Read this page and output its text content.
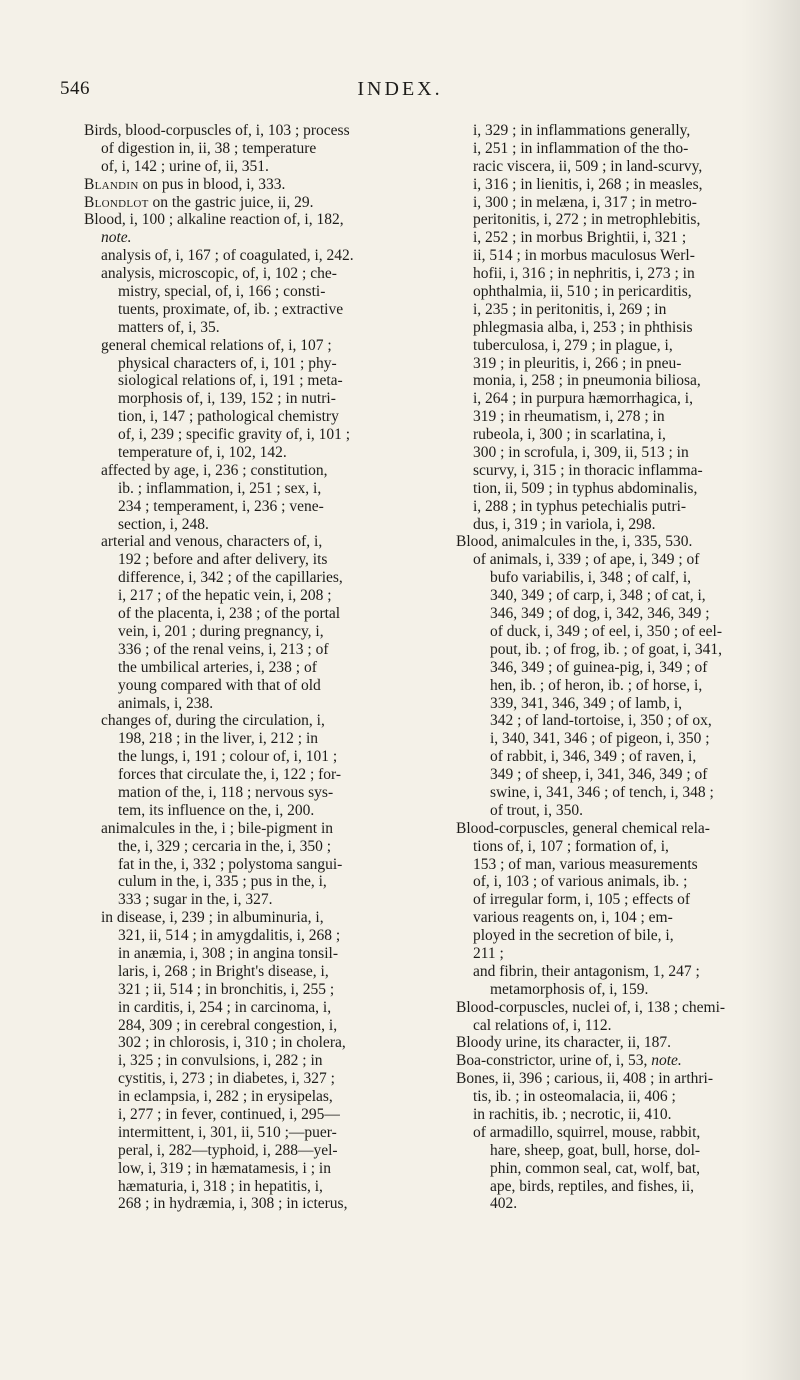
546	INDEX.
Birds, blood-corpuscles of, i, 103 ; process
of digestion in, ii, 38 ; temperature
of, i, 142 ; urine of, ii, 351.
Blandin on pus in blood, i, 333.
Blondlot on the gastric juice, ii, 29.
Blood, i, 100 ; alkaline reaction of, i, 182,
note.
analysis of, i, 167 ; of coagulated, i, 242.
analysis, microscopic, of, i, 102 ; che-
mistry, special, of, i, 166 ; consti-
tuents, proximate, of, ib. ; extractive
matters of, i, 35.
general chemical relations of, i, 107 ;
physical characters of, i, 101 ; phy-
siological relations of, i, 191 ; meta-
morphosis of, i, 139, 152 ; in nutri-
tion, i, 147 ; pathological chemistry
of, i, 239 ; specific gravity of, i, 101 ;
temperature of, i, 102, 142.
affected by age, i, 236 ; constitution,
ib. ; inflammation, i, 251 ; sex, i,
234 ; temperament, i, 236 ; vene-
section, i, 248.
arterial and venous, characters of, i,
192 ; before and after delivery, its
difference, i, 342 ; of the capillaries,
i, 217 ; of the hepatic vein, i, 208 ;
of the placenta, i, 238 ; of the portal
vein, i, 201 ; during pregnancy, i,
336 ; of the renal veins, i, 213 ; of
the umbilical arteries, i, 238 ; of
young compared with that of old
animals, i, 238.
changes of, during the circulation, i,
198, 218 ; in the liver, i, 212 ; in
the lungs, i, 191 ; colour of, i, 101 ;
forces that circulate the, i, 122 ; for-
mation of the, i, 118 ; nervous sys-
tem, its influence on the, i, 200.
animalcules in the, i ; bile-pigment in
the, i, 329 ; cercaria in the, i, 350 ;
fat in the, i, 332 ; polystoma sangui-
culum in the, i, 335 ; pus in the, i,
333 ; sugar in the, i, 327.
in disease, i, 239 ; in albuminuria, i,
321, ii, 514 ; in amygdalitis, i, 268 ;
in anæmia, i, 308 ; in angina tonsil-
laris, i, 268 ; in Bright's disease, i,
321 ; ii, 514 ; in bronchitis, i, 255 ;
in carditis, i, 254 ; in carcinoma, i,
284, 309 ; in cerebral congestion, i,
302 ; in chlorosis, i, 310 ; in cholera,
i, 325 ; in convulsions, i, 282 ; in
cystitis, i, 273 ; in diabetes, i, 327 ;
in eclampsia, i, 282 ; in erysipelas,
i, 277 ; in fever, continued, i, 295—
intermittent, i, 301, ii, 510 ;—puer-
peral, i, 282—typhoid, i, 288—yel-
low, i, 319 ; in hæmatamesis, i ; in
hæmaturia, i, 318 ; in hepatitis, i,
268 ; in hydræmia, i, 308 ; in icterus,
i, 329 ; in inflammations generally,
i, 251 ; in inflammation of the tho-
racic viscera, ii, 509 ; in land-scurvy,
i, 316 ; in lienitis, i, 268 ; in measles,
i, 300 ; in melæna, i, 317 ; in metro-
peritonitis, i, 272 ; in metrophlebitis,
i, 252 ; in morbus Brightii, i, 321 ;
ii, 514 ; in morbus maculosus Werl-
hofii, i, 316 ; in nephritis, i, 273 ; in
ophthalmia, ii, 510 ; in pericarditis,
i, 235 ; in peritonitis, i, 269 ; in
phlegmasia alba, i, 253 ; in phthisis
tuberculosa, i, 279 ; in plague, i,
319 ; in pleuritis, i, 266 ; in pneu-
monia, i, 258 ; in pneumonia biliosa,
i, 264 ; in purpura hæmorrhagica, i,
319 ; in rheumatism, i, 278 ; in
rubeola, i, 300 ; in scarlatina, i,
300 ; in scrofula, i, 309, ii, 513 ; in
scurvy, i, 315 ; in thoracic inflamma-
tion, ii, 509 ; in typhus abdominalis,
i, 288 ; in typhus petechialis putri-
dus, i, 319 ; in variola, i, 298.
Blood, animalcules in the, i, 335, 530.
of animals, i, 339 ; of ape, i, 349 ; of
bufo variabilis, i, 348 ; of calf, i,
340, 349 ; of carp, i, 348 ; of cat, i,
346, 349 ; of dog, i, 342, 346, 349 ;
of duck, i, 349 ; of eel, i, 350 ; of eel-
pout, ib. ; of frog, ib. ; of goat, i, 341,
346, 349 ; of guinea-pig, i, 349 ; of
hen, ib. ; of heron, ib. ; of horse, i,
339, 341, 346, 349 ; of lamb, i,
342 ; of land-tortoise, i, 350 ; of ox,
i, 340, 341, 346 ; of pigeon, i, 350 ;
of rabbit, i, 346, 349 ; of raven, i,
349 ; of sheep, i, 341, 346, 349 ; of
swine, i, 341, 346 ; of tench, i, 348 ;
of trout, i, 350.
Blood-corpuscles, general chemical rela-
tions of, i, 107 ; formation of, i,
153 ; of man, various measurements
of, i, 103 ; of various animals, ib. ;
of irregular form, i, 105 ; effects of
various reagents on, i, 104 ; em-
ployed in the secretion of bile, i,
211 ;
and fibrin, their antagonism, 1, 247 ;
metamorphosis of, i, 159.
Blood-corpuscles, nuclei of, i, 138 ; chemi-
cal relations of, i, 112.
Bloody urine, its character, ii, 187.
Boa-constrictor, urine of, i, 53, note.
Bones, ii, 396 ; carious, ii, 408 ; in arthri-
tis, ib. ; in osteomalacia, ii, 406 ;
in rachitis, ib. ; necrotic, ii, 410.
of armadillo, squirrel, mouse, rabbit,
hare, sheep, goat, bull, horse, dol-
phin, common seal, cat, wolf, bat,
ape, birds, reptiles, and fishes, ii,
402.
